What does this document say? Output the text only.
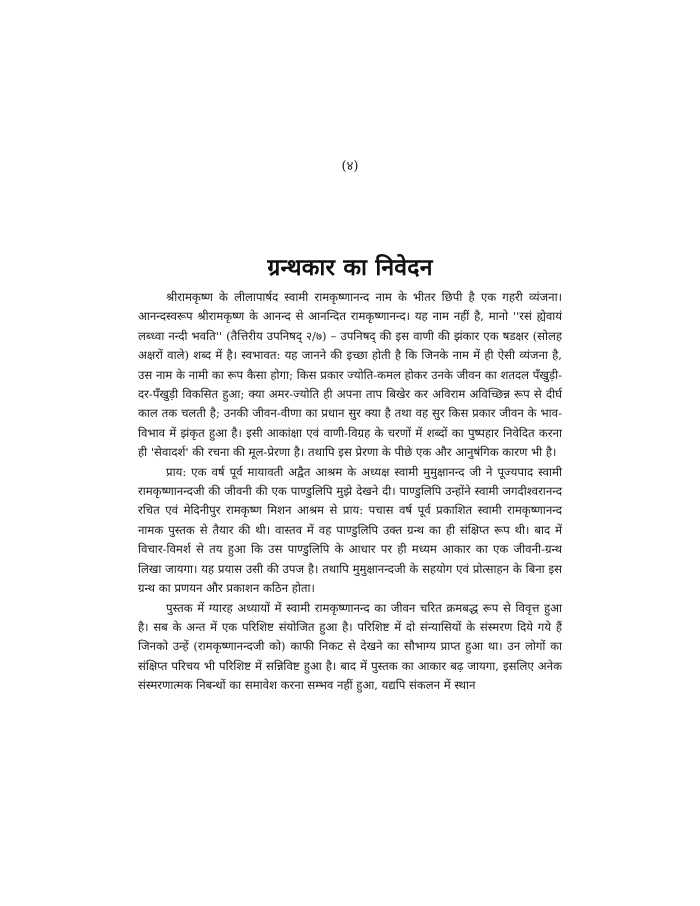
(४)
ग्रन्थकार का निवेदन

श्रीरामकृष्ण के लीलापार्षद स्वामी रामकृष्णानन्द नाम के भीतर छिपी है एक गहरी व्यंजना। आनन्दस्वरूप श्रीरामकृष्ण के आनन्द से आनन्दित रामकृष्णानन्द। यह नाम नहीं है, मानो ''रसं ह्येवायं लब्ध्वा नन्दी भवति'' (तैत्तिरीय उपनिषद् २/७) – उपनिषद् की इस वाणी की झंकार एक षडक्षर (सोलह अक्षरों वाले) शब्द में है। स्वभावत: यह जानने की इच्छा होती है कि जिनके नाम में ही ऐसी व्यंजना है, उस नाम के नामी का रूप कैसा होगा; किस प्रकार ज्योति-कमल होकर उनके जीवन का शतदल पँखुड़ी-दर-पँखुड़ी विकसित हुआ; क्या अमर-ज्योति ही अपना ताप बिखेर कर अविराम अविच्छिन्न रूप से दीर्घ काल तक चलती है; उनकी जीवन-वीणा का प्रधान सुर क्या है तथा वह सुर किस प्रकार जीवन के भाव-विभाव में झंकृत हुआ है। इसी आकांक्षा एवं वाणी-विग्रह के चरणों में शब्दों का पुष्पहार निवेदित करना ही 'सेवादर्श' की रचना की मूल-प्रेरणा है। तथापि इस प्रेरणा के पीछे एक और आनुषंगिक कारण भी है।

प्राय: एक वर्ष पूर्व मायावती अद्वैत आश्रम के अध्यक्ष स्वामी मुमुक्षानन्द जी ने पूज्यपाद स्वामी रामकृष्णानन्दजी की जीवनी की एक पाण्डुलिपि मुझे देखने दी। पाण्डुलिपि उन्होंने स्वामी जगदीश्वरानन्द रचित एवं मेदिनीपुर रामकृष्ण मिशन आश्रम से प्राय: पचास वर्ष पूर्व प्रकाशित स्वामी रामकृष्णानन्द नामक पुस्तक से तैयार की थी। वास्तव में वह पाण्डुलिपि उक्त ग्रन्थ का ही संक्षिप्त रूप थी। बाद में विचार-विमर्श से तय हुआ कि उस पाण्डुलिपि के आधार पर ही मध्यम आकार का एक जीवनी-ग्रन्थ लिखा जायगा। यह प्रयास उसी की उपज है। तथापि मुमुक्षानन्दजी के सहयोग एवं प्रोत्साहन के बिना इस ग्रन्थ का प्रणयन और प्रकाशन कठिन होता।

पुस्तक में ग्यारह अध्यायों में स्वामी रामकृष्णानन्द का जीवन चरित क्रमबद्ध रूप से विवृत्त हुआ है। सब के अन्त में एक परिशिष्ट संयोजित हुआ है। परिशिष्ट में दो संन्यासियों के संस्मरण दिये गये हैं जिनको उन्हें (रामकृष्णानन्दजी को) काफी निकट से देखने का सौभाग्य प्राप्त हुआ था। उन लोगों का संक्षिप्त परिचय भी परिशिष्ट में सन्निविष्ट हुआ है। बाद में पुस्तक का आकार बढ़ जायगा, इसलिए अनेक संस्मरणात्मक निबन्धों का समावेश करना सम्भव नहीं हुआ, यद्यपि संकलन में स्थान
